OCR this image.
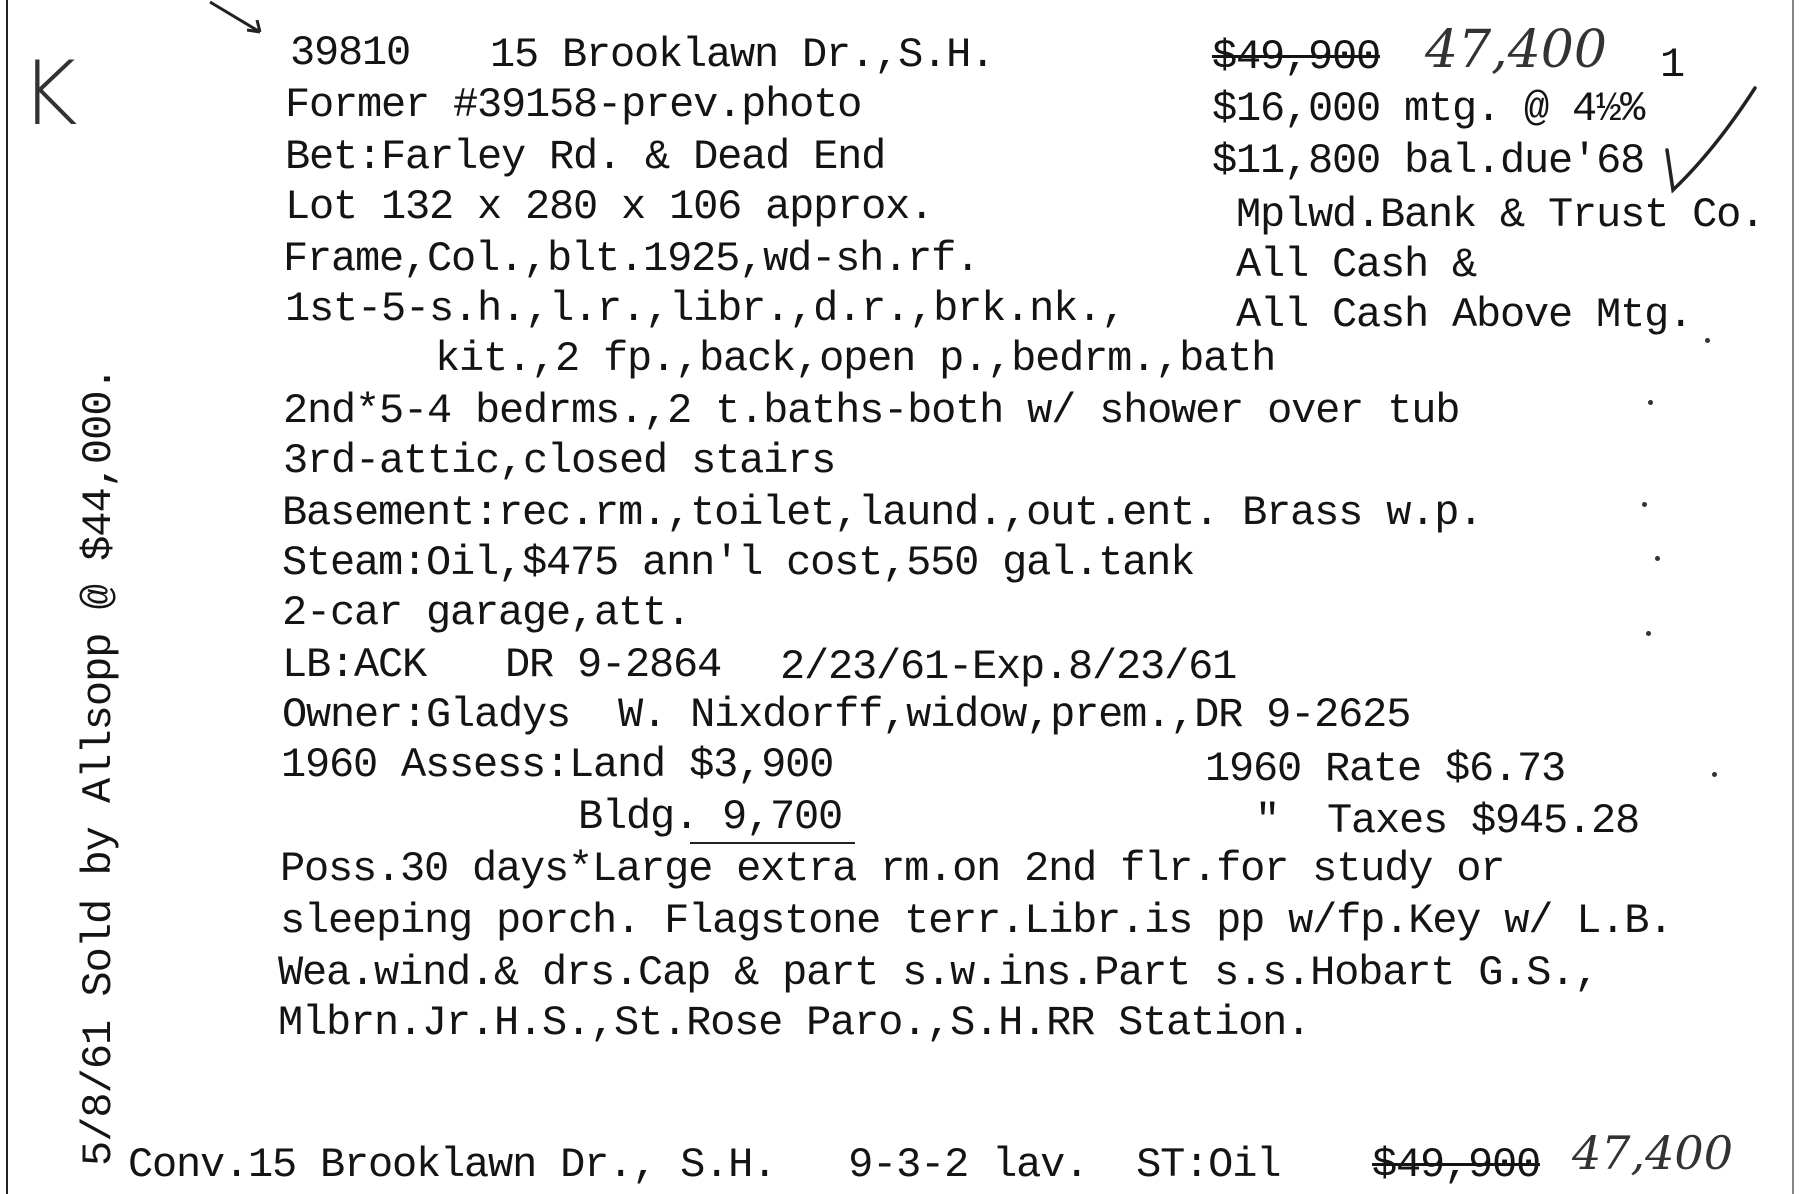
K
5/8/61 Sold by Allsopp @ $44,000.
39810 15 Brooklawn Dr.,S.H.
Former #39158-prev.photo
Bet:Farley Rd. & Dead End
Lot 132 x 280 x 106 approx.
Frame,Col.,blt.1925,wd-sh.rf.
1st-5-s.h.,l.r.,libr.,d.r.,brk.nk.,
kit.,2 fp.,back,open p.,bedrm.,bath
2nd*5-4 bedrms.,2 t.baths-both w/ shower over tub
3rd-attic,closed stairs
Basement:rec.rm.,toilet,laund.,out.ent. Brass w.p.
Steam:Oil,$475 ann'l cost,550 gal.tank
2-car garage,att.
LB:ACK DR 9-2864 2/23/61-Exp.8/23/61
Owner:Gladys  W. Nixdorff,widow,prem.,DR 9-2625
1960 Assess:Land $3,900
Bldg. 9,700
Poss.30 days*Large extra rm.on 2nd flr.for study or
sleeping porch. Flagstone terr.Libr.is pp w/fp.Key w/ L.B.
Wea.wind.& drs.Cap & part s.w.ins.Part s.s.Hobart G.S.,
Mlbrn.Jr.H.S.,St.Rose Paro.,S.H.RR Station.
$49,900 47,400 1
$16,000 mtg. @ 4½%
$11,800 bal.due'68
Mplwd.Bank & Trust Co.
All Cash &
All Cash Above Mtg.
1960 Rate $6.73
"  Taxes $945.28
Conv.15 Brooklawn Dr., S.H.   9-3-2 lav.  ST:Oil $49,900 47,400
